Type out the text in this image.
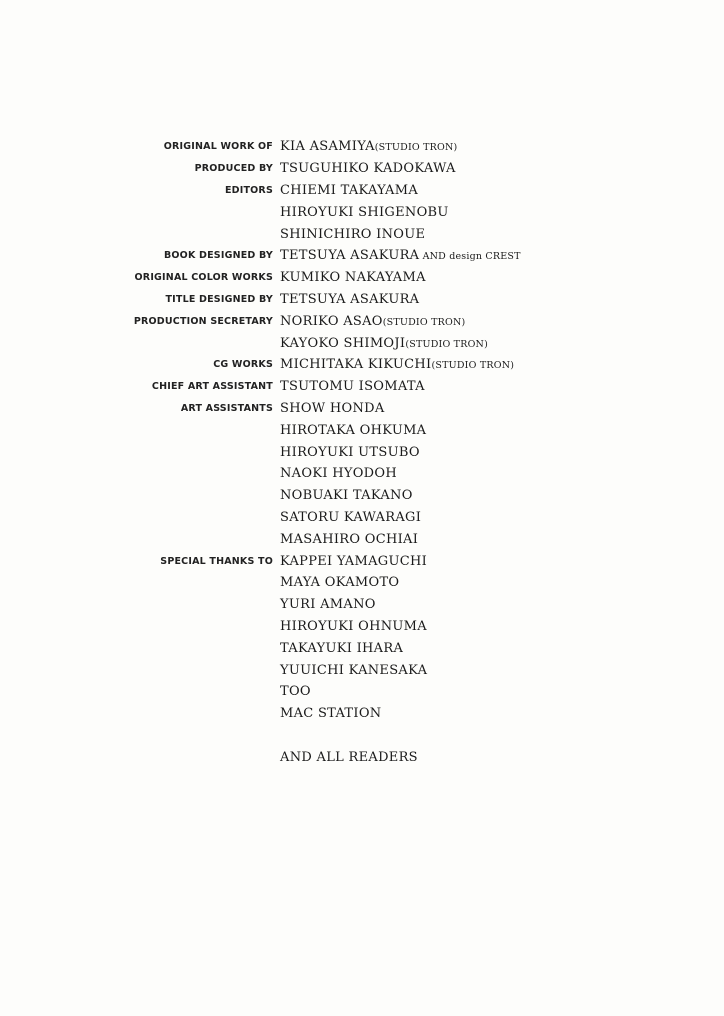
ORIGINAL WORK OF KIA ASAMIYA(STUDIO TRON)
PRODUCED BY TSUGUHIKO KADOKAWA
EDITORS CHIEMI TAKAYAMA
HIROYUKI SHIGENOBU
SHINICHIRO INOUE
BOOK DESIGNED BY TETSUYA ASAKURA AND design CREST
ORIGINAL COLOR WORKS KUMIKO NAKAYAMA
TITLE DESIGNED BY TETSUYA ASAKURA
PRODUCTION SECRETARY NORIKO ASAO(STUDIO TRON)
KAYOKO SHIMOJI(STUDIO TRON)
CG WORKS MICHITAKA KIKUCHI(STUDIO TRON)
CHIEF ART ASSISTANT TSUTOMU ISOMATA
ART ASSISTANTS SHOW HONDA
HIROTAKA OHKUMA
HIROYUKI UTSUBO
NAOKI HYODOH
NOBUAKI TAKANO
SATORU KAWARAGI
MASAHIRO OCHIAI
SPECIAL THANKS TO KAPPEI YAMAGUCHI
MAYA OKAMOTO
YURI AMANO
HIROYUKI OHNUMA
TAKAYUKI IHARA
YUUICHI KANESAKA
TOO
MAC STATION
AND ALL READERS
